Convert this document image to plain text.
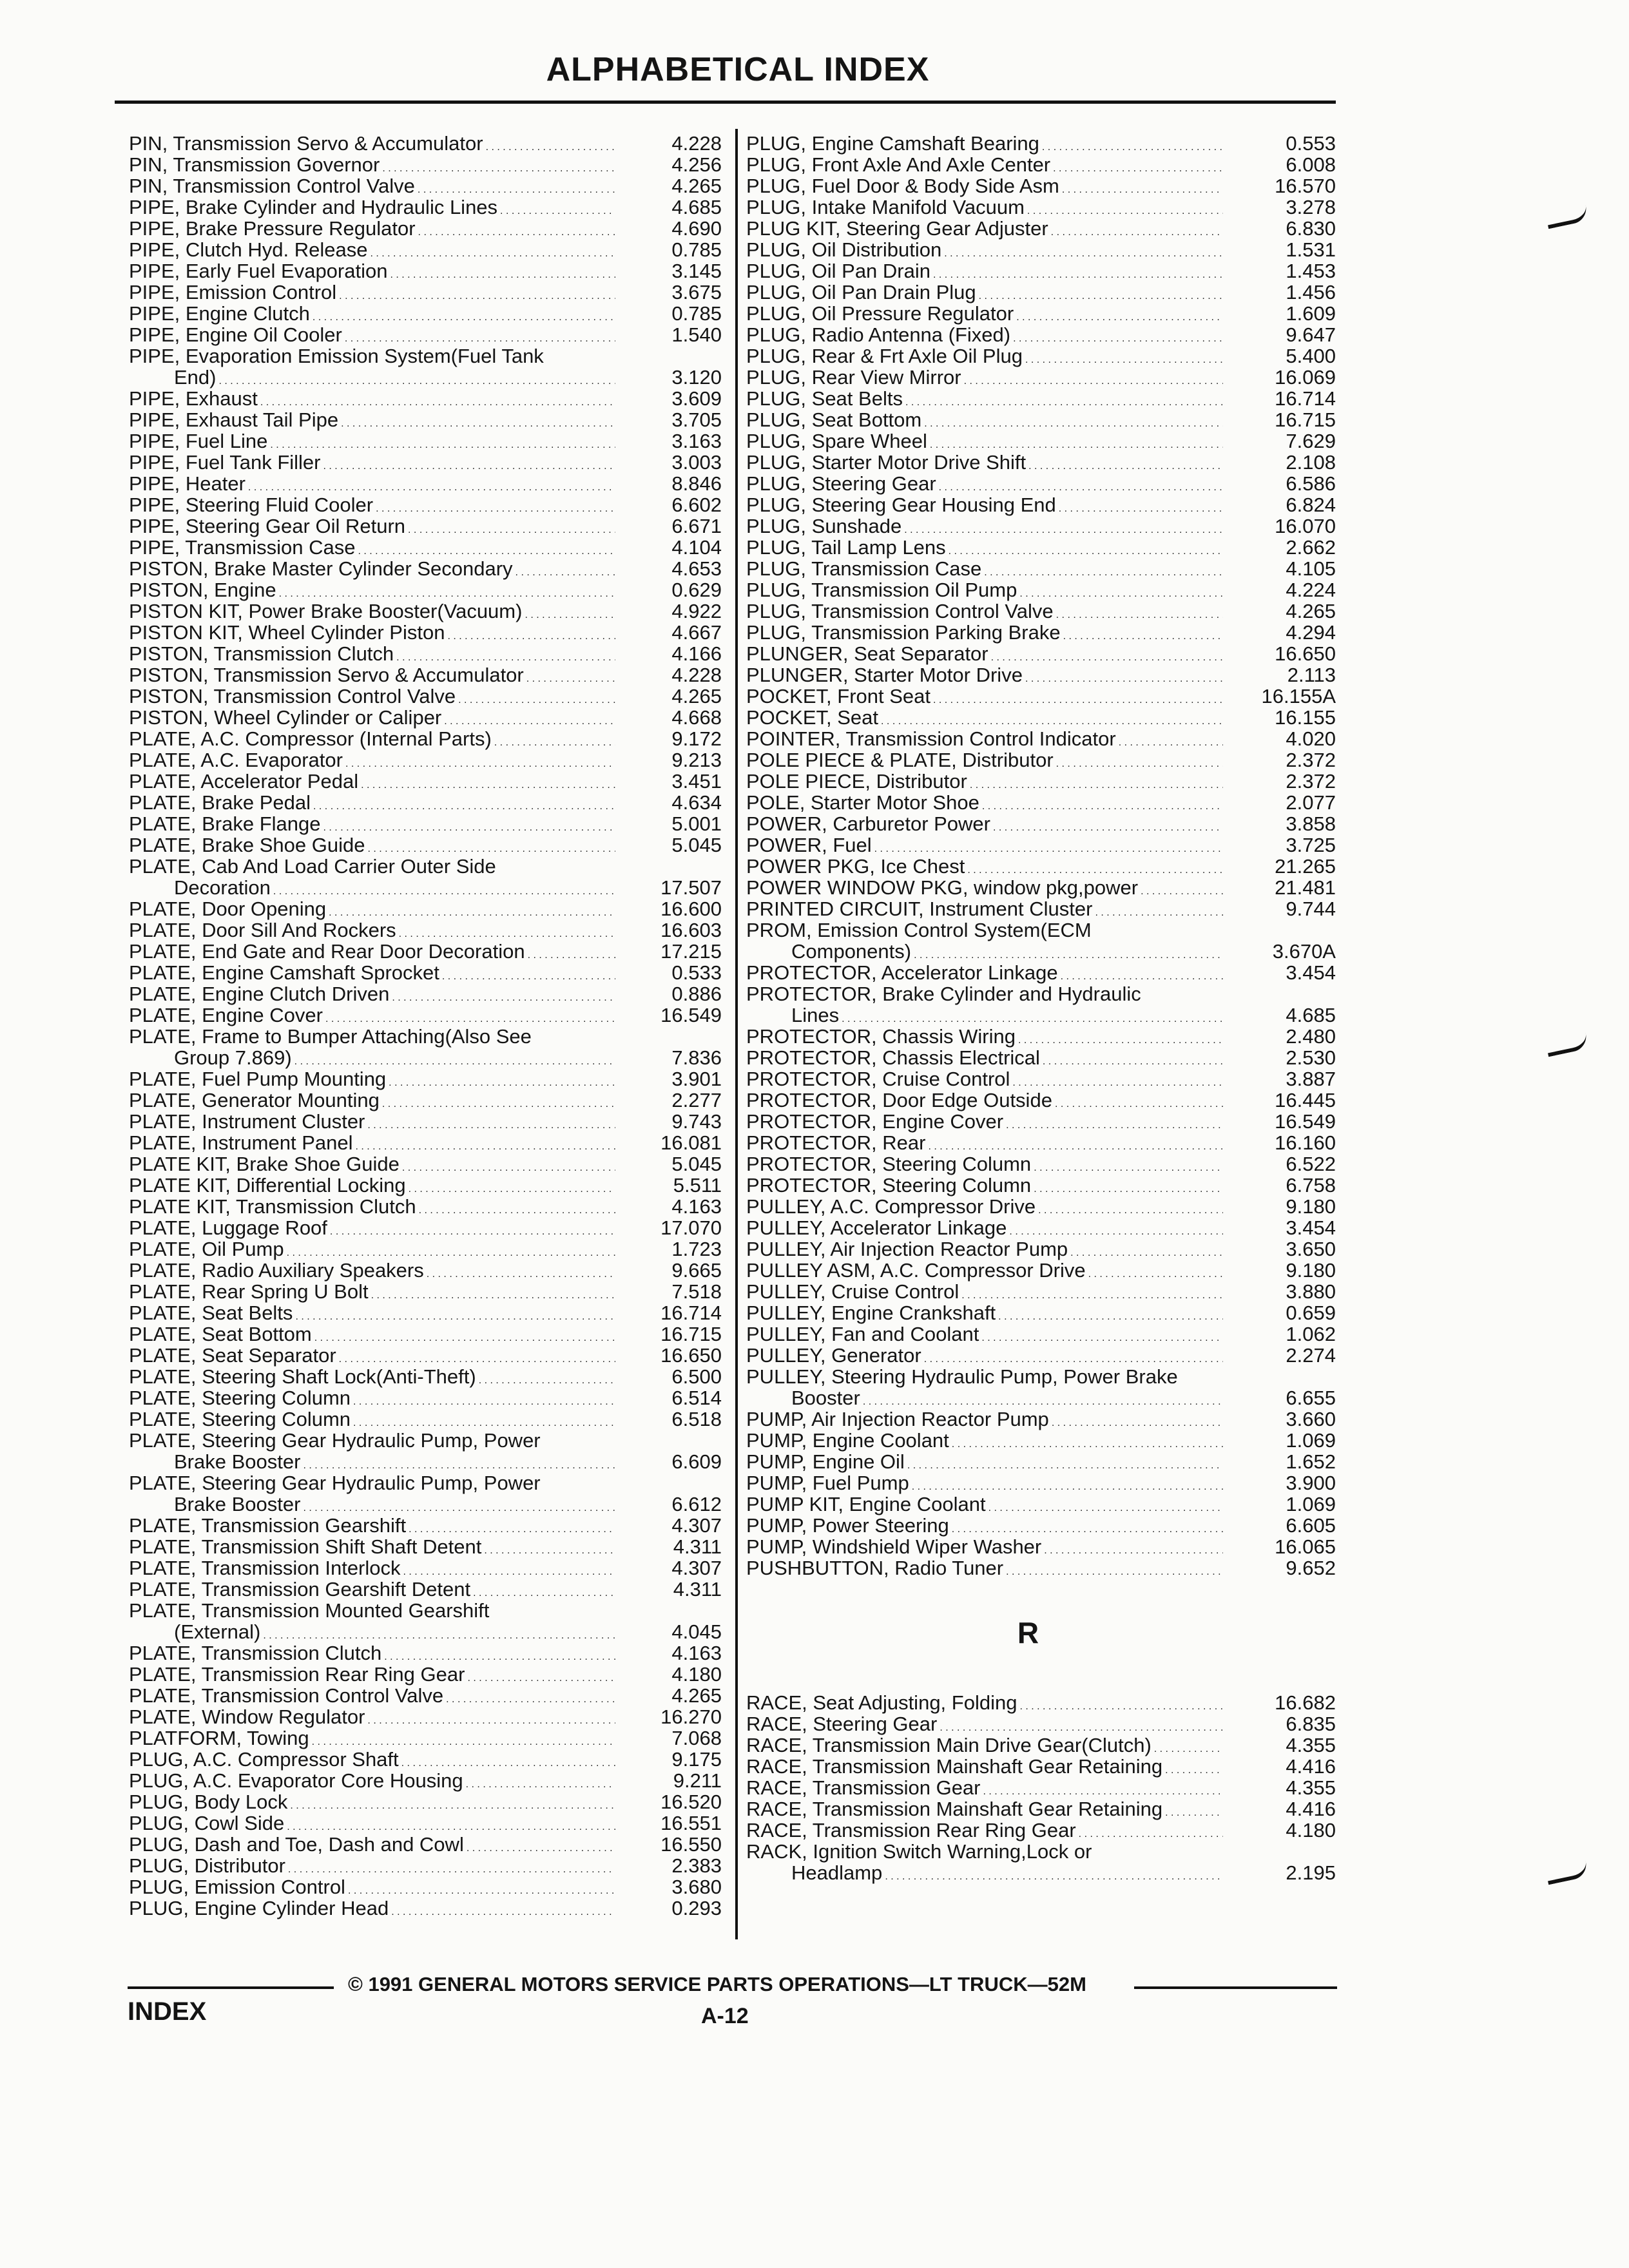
ALPHABETICAL INDEX
PIN, Transmission Servo & Accumulator . . .	4.228
PIN, Transmission Governor . . .	4.256
PIN, Transmission Control Valve . . .	4.265
PIPE, Brake Cylinder and Hydraulic Lines . . .	4.685
PIPE, Brake Pressure Regulator . . .	4.690
PIPE, Clutch Hyd. Release . . .	0.785
PIPE, Early Fuel Evaporation . . .	3.145
PIPE, Emission Control . . .	3.675
PIPE, Engine Clutch . . .	0.785
PIPE, Engine Oil Cooler . . .	1.540
PIPE, Evaporation Emission System(Fuel Tank
End) . . .	3.120
PIPE, Exhaust . . .	3.609
PIPE, Exhaust Tail Pipe . . .	3.705
PIPE, Fuel Line . . .	3.163
PIPE, Fuel Tank Filler . . .	3.003
PIPE, Heater . . .	8.846
PIPE, Steering Fluid Cooler . . .	6.602
PIPE, Steering Gear Oil Return . . .	6.671
PIPE, Transmission Case . . .	4.104
PISTON, Brake Master Cylinder Secondary . . .	4.653
PISTON, Engine . . .	0.629
PISTON KIT, Power Brake Booster(Vacuum) . . .	4.922
PISTON KIT, Wheel Cylinder Piston . . .	4.667
PISTON, Transmission Clutch . . .	4.166
PISTON, Transmission Servo & Accumulator . . .	4.228
PISTON, Transmission Control Valve . . .	4.265
PISTON, Wheel Cylinder or Caliper . . .	4.668
PLATE, A.C. Compressor (Internal Parts) . . .	9.172
PLATE, A.C. Evaporator . . .	9.213
PLATE, Accelerator Pedal . . .	3.451
PLATE, Brake Pedal . . .	4.634
PLATE, Brake Flange . . .	5.001
PLATE, Brake Shoe Guide . . .	5.045
PLATE, Cab And Load Carrier Outer Side
Decoration . . .	17.507
PLATE, Door Opening . . .	16.600
PLATE, Door Sill And Rockers . . .	16.603
PLATE, End Gate and Rear Door Decoration . . .	17.215
PLATE, Engine Camshaft Sprocket . . .	0.533
PLATE, Engine Clutch Driven . . .	0.886
PLATE, Engine Cover . . .	16.549
PLATE, Frame to Bumper Attaching(Also See
Group 7.869) . . .	7.836
PLATE, Fuel Pump Mounting . . .	3.901
PLATE, Generator Mounting . . .	2.277
PLATE, Instrument Cluster . . .	9.743
PLATE, Instrument Panel . . .	16.081
PLATE KIT, Brake Shoe Guide . . .	5.045
PLATE KIT, Differential Locking . . .	5.511
PLATE KIT, Transmission Clutch . . .	4.163
PLATE, Luggage Roof . . .	17.070
PLATE, Oil Pump . . .	1.723
PLATE, Radio Auxiliary Speakers . . .	9.665
PLATE, Rear Spring U Bolt . . .	7.518
PLATE, Seat Belts . . .	16.714
PLATE, Seat Bottom . . .	16.715
PLATE, Seat Separator . . .	16.650
PLATE, Steering Shaft Lock(Anti-Theft) . . .	6.500
PLATE, Steering Column . . .	6.514
PLATE, Steering Column . . .	6.518
PLATE, Steering Gear Hydraulic Pump, Power
Brake Booster . . .	6.609
PLATE, Steering Gear Hydraulic Pump, Power
Brake Booster . . .	6.612
PLATE, Transmission Gearshift . . .	4.307
PLATE, Transmission Shift Shaft Detent . . .	4.311
PLATE, Transmission Interlock . . .	4.307
PLATE, Transmission Gearshift Detent . . .	4.311
PLATE, Transmission Mounted Gearshift
(External) . . .	4.045
PLATE, Transmission Clutch . . .	4.163
PLATE, Transmission Rear Ring Gear . . .	4.180
PLATE, Transmission Control Valve . . .	4.265
PLATE, Window Regulator . . .	16.270
PLATFORM, Towing . . .	7.068
PLUG, A.C. Compressor Shaft . . .	9.175
PLUG, A.C. Evaporator Core Housing . . .	9.211
PLUG, Body Lock . . .	16.520
PLUG, Cowl Side . . .	16.551
PLUG, Dash and Toe, Dash and Cowl . . .	16.550
PLUG, Distributor . . .	2.383
PLUG, Emission Control . . .	3.680
PLUG, Engine Cylinder Head . . .	0.293
PLUG, Engine Camshaft Bearing . . .	0.553
PLUG, Front Axle And Axle Center . . .	6.008
PLUG, Fuel Door & Body Side Asm . . .	16.570
PLUG, Intake Manifold Vacuum . . .	3.278
PLUG KIT, Steering Gear Adjuster . . .	6.830
PLUG, Oil Distribution . . .	1.531
PLUG, Oil Pan Drain . . .	1.453
PLUG, Oil Pan Drain Plug . . .	1.456
PLUG, Oil Pressure Regulator . . .	1.609
PLUG, Radio Antenna (Fixed) . . .	9.647
PLUG, Rear & Frt Axle Oil Plug . . .	5.400
PLUG, Rear View Mirror . . .	16.069
PLUG, Seat Belts . . .	16.714
PLUG, Seat Bottom . . .	16.715
PLUG, Spare Wheel . . .	7.629
PLUG, Starter Motor Drive Shift . . .	2.108
PLUG, Steering Gear . . .	6.586
PLUG, Steering Gear Housing End . . .	6.824
PLUG, Sunshade . . .	16.070
PLUG, Tail Lamp Lens . . .	2.662
PLUG, Transmission Case . . .	4.105
PLUG, Transmission Oil Pump . . .	4.224
PLUG, Transmission Control Valve . . .	4.265
PLUG, Transmission Parking Brake . . .	4.294
PLUNGER, Seat Separator . . .	16.650
PLUNGER, Starter Motor Drive . . .	2.113
POCKET, Front Seat . . .	16.155A
POCKET, Seat . . .	16.155
POINTER, Transmission Control Indicator . . .	4.020
POLE PIECE & PLATE, Distributor . . .	2.372
POLE PIECE, Distributor . . .	2.372
POLE, Starter Motor Shoe . . .	2.077
POWER, Carburetor Power . . .	3.858
POWER, Fuel . . .	3.725
POWER PKG, Ice Chest . . .	21.265
POWER WINDOW PKG, window pkg,power . . .	21.481
PRINTED CIRCUIT, Instrument Cluster . . .	9.744
PROM, Emission Control System(ECM
Components) . . .	3.670A
PROTECTOR, Accelerator Linkage . . .	3.454
PROTECTOR, Brake Cylinder and Hydraulic
Lines . . .	4.685
PROTECTOR, Chassis Wiring . . .	2.480
PROTECTOR, Chassis Electrical . . .	2.530
PROTECTOR, Cruise Control . . .	3.887
PROTECTOR, Door Edge Outside . . .	16.445
PROTECTOR, Engine Cover . . .	16.549
PROTECTOR, Rear . . .	16.160
PROTECTOR, Steering Column . . .	6.522
PROTECTOR, Steering Column . . .	6.758
PULLEY, A.C. Compressor Drive . . .	9.180
PULLEY, Accelerator Linkage . . .	3.454
PULLEY, Air Injection Reactor Pump . . .	3.650
PULLEY ASM, A.C. Compressor Drive . . .	9.180
PULLEY, Cruise Control . . .	3.880
PULLEY, Engine Crankshaft . . .	0.659
PULLEY, Fan and Coolant . . .	1.062
PULLEY, Generator . . .	2.274
PULLEY, Steering Hydraulic Pump, Power Brake
Booster . . .	6.655
PUMP, Air Injection Reactor Pump . . .	3.660
PUMP, Engine Coolant . . .	1.069
PUMP, Engine Oil . . .	1.652
PUMP, Fuel Pump . . .	3.900
PUMP KIT, Engine Coolant . . .	1.069
PUMP, Power Steering . . .	6.605
PUMP, Windshield Wiper Washer . . .	16.065
PUSHBUTTON, Radio Tuner . . .	9.652
R
RACE, Seat Adjusting, Folding . . .	16.682
RACE, Steering Gear . . .	6.835
RACE, Transmission Main Drive Gear(Clutch) . . .	4.355
RACE, Transmission Mainshaft Gear Retaining . . .	4.416
RACE, Transmission Gear . . .	4.355
RACE, Transmission Mainshaft Gear Retaining . . .	4.416
RACE, Transmission Rear Ring Gear . . .	4.180
RACK, Ignition Switch Warning,Lock or
Headlamp . . .	2.195
© 1991 GENERAL MOTORS SERVICE PARTS OPERATIONS—LT TRUCK—52M
INDEX	A-12
